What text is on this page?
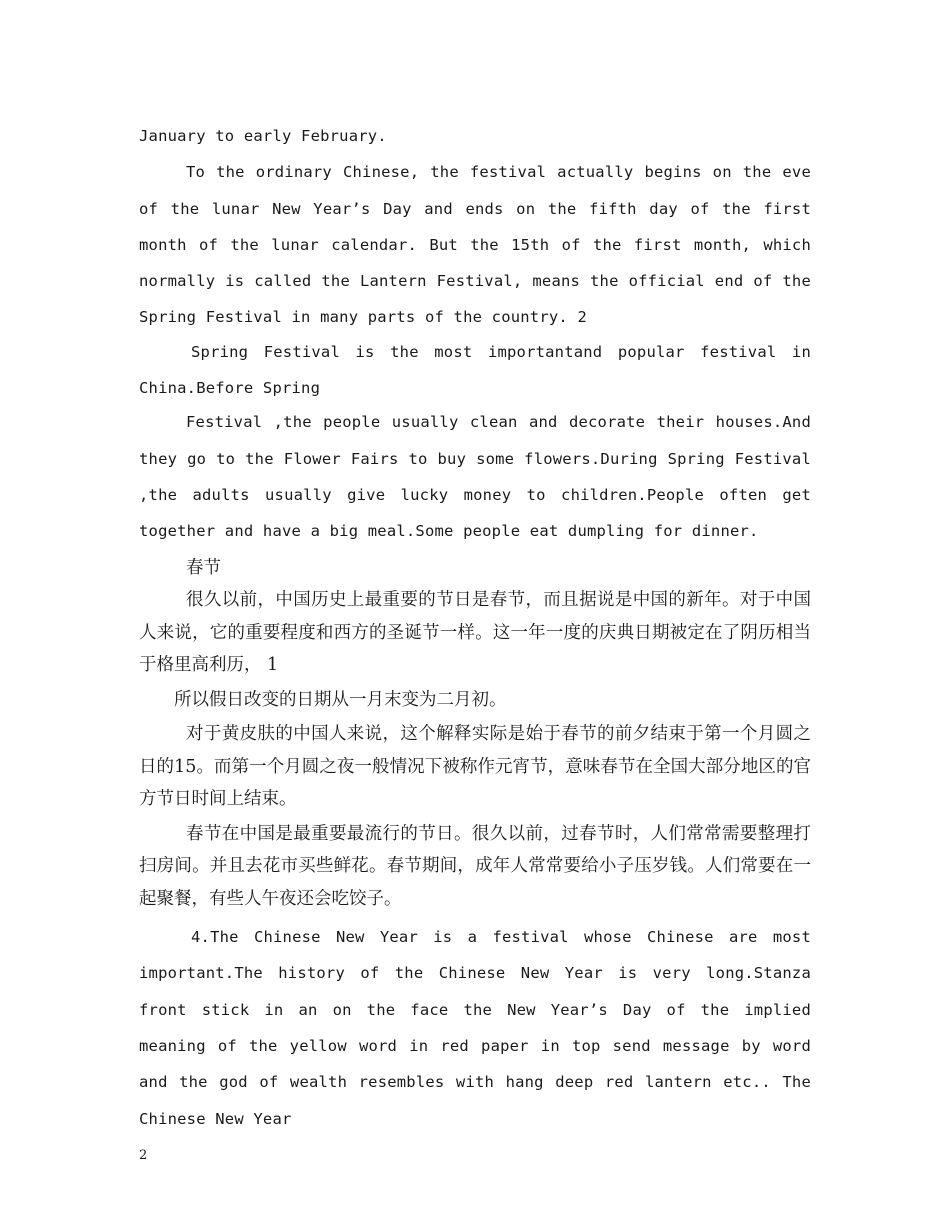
January to early February.

To the ordinary Chinese, the festival actually begins on the eve of the lunar New Year’s Day and ends on the fifth day of the first month of the lunar calendar. But the 15th of the first month, which normally is called the Lantern Festival, means the official end of the Spring Festival in many parts of the country. 2

Spring Festival is the most importantand popular festival in China.Before Spring

Festival ,the people usually clean and decorate their houses.And they go to the Flower Fairs to buy some flowers.During Spring Festival ,the adults usually give lucky money to children.People often get together and have a big meal.Some people eat dumpling for dinner.

春节

很久以前，中国历史上最重要的节日是春节，而且据说是中国的新年。对于中国人来说，它的重要程度和西方的圣诞节一样。这一年一度的庆典日期被定在了阴历相当于格里高利历， 1

所以假日改变的日期从一月末变为二月初。

对于黄皮肤的中国人来说，这个解释实际是始于春节的前夕结束于第一个月圆之日的15。而第一个月圆之夜一般情况下被称作元宵节，意味春节在全国大部分地区的官方节日时间上结束。

春节在中国是最重要最流行的节日。很久以前，过春节时，人们常常需要整理打扫房间。并且去花市买些鲜花。春节期间，成年人常常要给小子压岁钱。人们常要在一起聚餐，有些人午夜还会吃饺子。

4.The Chinese New Year is a festival whose Chinese are most important.The history of the Chinese New Year is very long.Stanza front stick in an on the face the New Year’s Day of the implied meaning of the yellow word in red paper in top send message by word and the god of wealth resembles with hang deep red lantern etc.. The Chinese New Year

2
